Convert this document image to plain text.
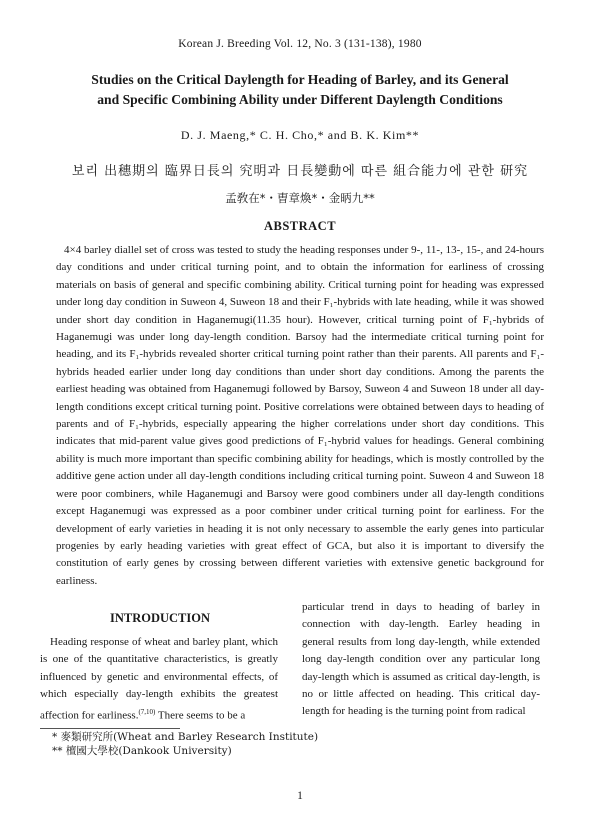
Korean J. Breeding Vol. 12, No. 3 (131-138), 1980
Studies on the Critical Daylength for Heading of Barley, and its General
and Specific Combining Ability under Different Daylength Conditions
D. J. Maeng,* C. H. Cho,* and B. K. Kim**
보리 出穗期의 臨界日長의 究明과 日長變動에 따른 組合能力에 관한 研究
孟敎在*・曺章煥*・金昞九**
ABSTRACT
4×4 barley diallel set of cross was tested to study the heading responses under 9-, 11-, 13-, 15-, and 24-hours day conditions and under critical turning point, and to obtain the information for earliness of crossing materials on basis of general and specific combining ability. Critical turning point for heading was expressed under long day condition in Suweon 4, Suweon 18 and their F₁-hybrids with late heading, while it was showed under short day condition in Haganemugi(11.35 hour). However, critical turning point of F₁-hybrids of Haganemugi was under long day-length condition. Barsoy had the intermediate critical turning point for heading, and its F₁-hybrids revealed shorter critical turning point rather than their parents. All parents and F₁-hybrids headed earlier under long day conditions than under short day conditions. Among the parents the earliest heading was obtained from Haganemugi followed by Barsoy, Suweon 4 and Suweon 18 under all day-length conditions except critical turning point. Positive correlations were obtained between days to heading of parents and of F₁-hybrids, especially appearing the higher correlations under short day conditions. This indicates that mid-parent value gives good predictions of F₁-hybrid values for headings. General combining ability is much more important than specific combining ability for headings, which is mostly controlled by the additive gene action under all day-length conditions including critical turning point. Suweon 4 and Suweon 18 were poor combiners, while Haganemugi and Barsoy were good combiners under all day-length conditions except Haganemugi was expressed as a poor combiner under critical turning point for earliness. For the development of early varieties in heading it is not only necessary to assemble the early genes into particular progenies by early heading varieties with great effect of GCA, but also it is important to diversify the constitution of early genes by crossing between different varieties with extensive genetic background for earliness.
INTRODUCTION
Heading response of wheat and barley plant, which is one of the quantitative characteristics, is greatly influenced by genetic and environmental effects, of which especially day-length exhibits the greatest affection for earliness.$^{(7,10)}$ There seems to be a
particular trend in days to heading of barley in connection with day-length. Earley heading in general results from long day-length, while extended long day-length condition over any particular long day-length which is assumed as critical day-length, is no or little affected on heading. This critical day-length for heading is the turning point from radical
* 麥類研究所(Wheat and Barley Research Institute)
** 檀國大學校(Dankook University)
1
